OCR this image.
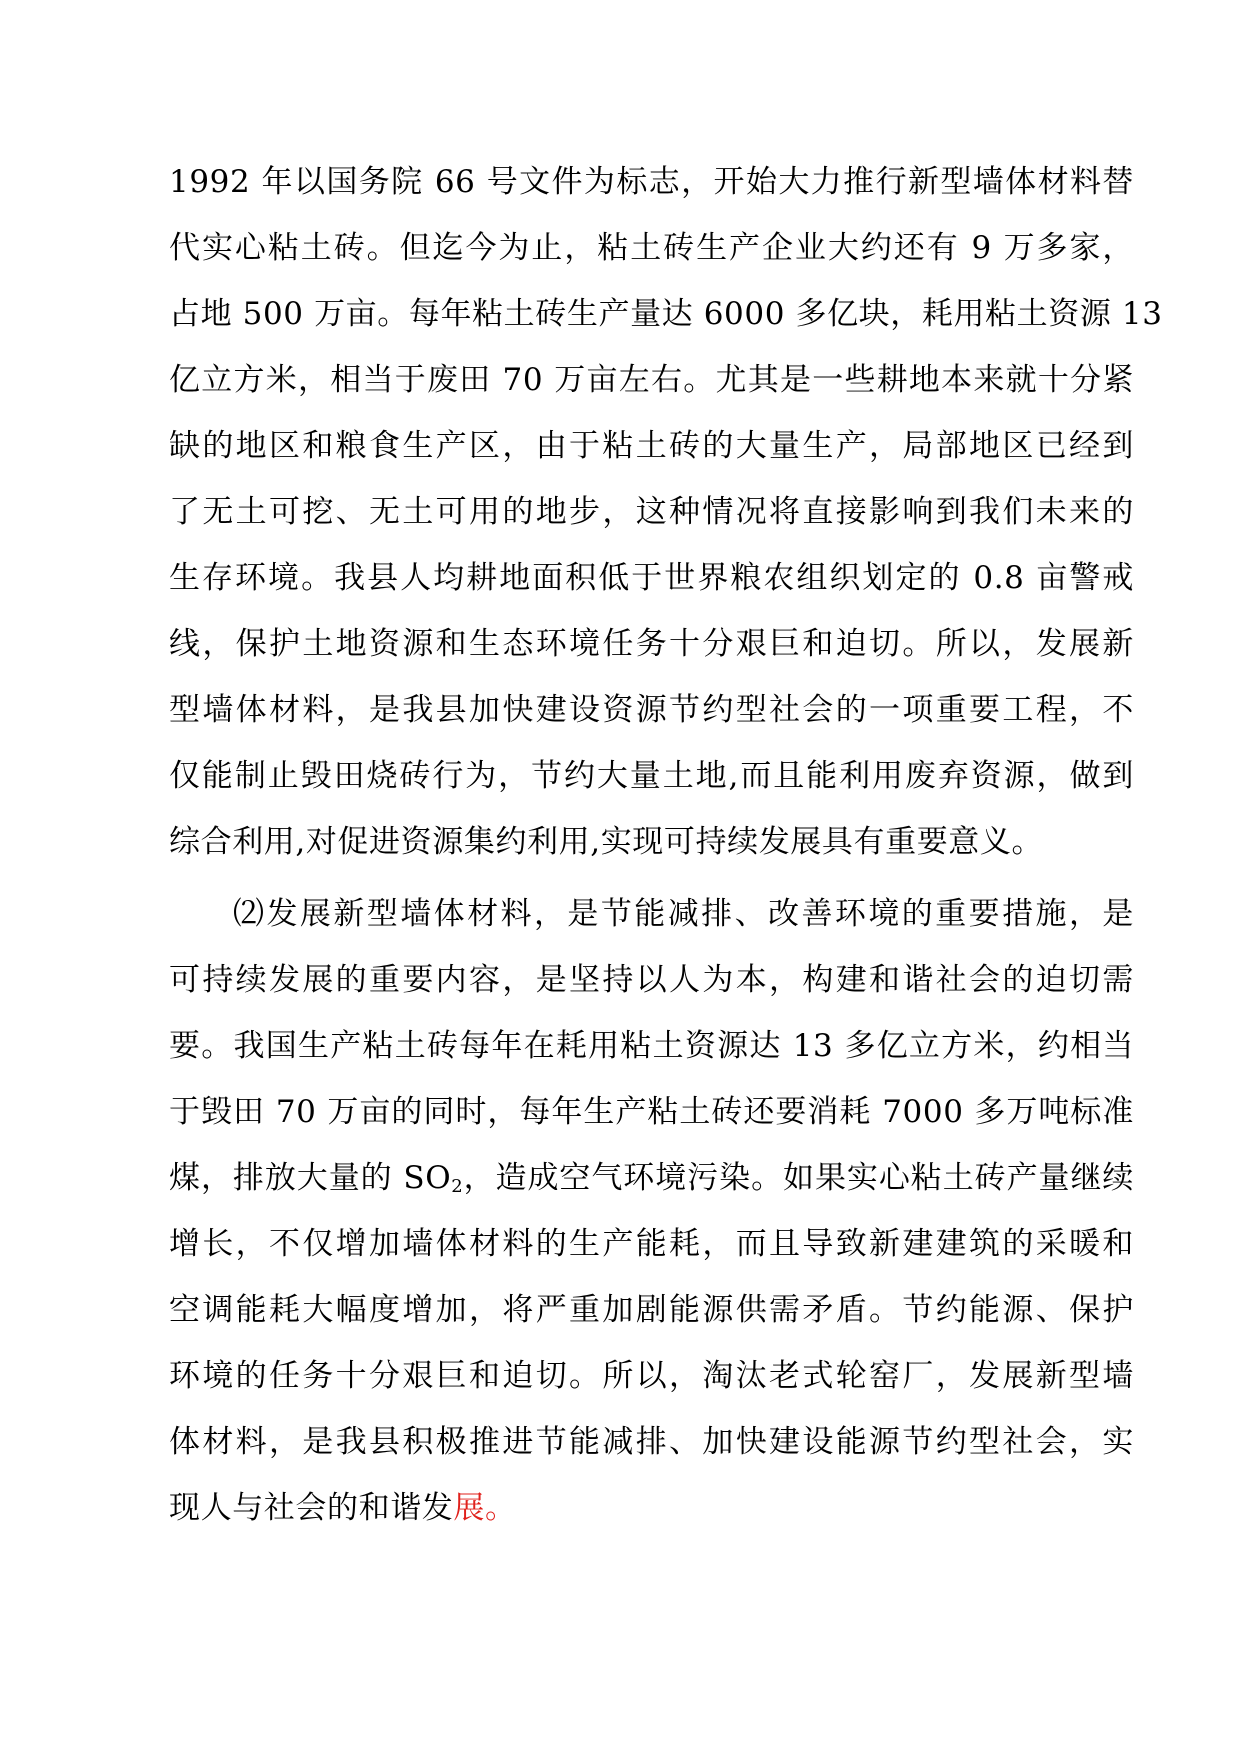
1992 年以国务院 66 号文件为标志，开始大力推行新型墙体材料替
代实心粘土砖。但迄今为止，粘土砖生产企业大约还有 9 万多家，
占地 500 万亩。每年粘土砖生产量达 6000 多亿块，耗用粘土资源 13
亿立方米，相当于废田 70 万亩左右。尤其是一些耕地本来就十分紧
缺的地区和粮食生产区，由于粘土砖的大量生产，局部地区已经到
了无土可挖、无土可用的地步，这种情况将直接影响到我们未来的
生存环境。我县人均耕地面积低于世界粮农组织划定的 0.8 亩警戒
线，保护土地资源和生态环境任务十分艰巨和迫切。所以，发展新
型墙体材料，是我县加快建设资源节约型社会的一项重要工程，不
仅能制止毁田烧砖行为，节约大量土地,而且能利用废弃资源，做到
综合利用,对促进资源集约利用,实现可持续发展具有重要意义。
⑵发展新型墙体材料，是节能减排、改善环境的重要措施，是
可持续发展的重要内容，是坚持以人为本，构建和谐社会的迫切需
要。我国生产粘土砖每年在耗用粘土资源达 13 多亿立方米，约相当
于毁田 70 万亩的同时，每年生产粘土砖还要消耗 7000 多万吨标准
煤，排放大量的 $SO_2$，造成空气环境污染。如果实心粘土砖产量继续
增长，不仅增加墙体材料的生产能耗，而且导致新建建筑的采暖和
空调能耗大幅度增加，将严重加剧能源供需矛盾。节约能源、保护
环境的任务十分艰巨和迫切。所以，淘汰老式轮窑厂，发展新型墙
体材料，是我县积极推进节能减排、加快建设能源节约型社会，实
现人与社会的和谐发展。
